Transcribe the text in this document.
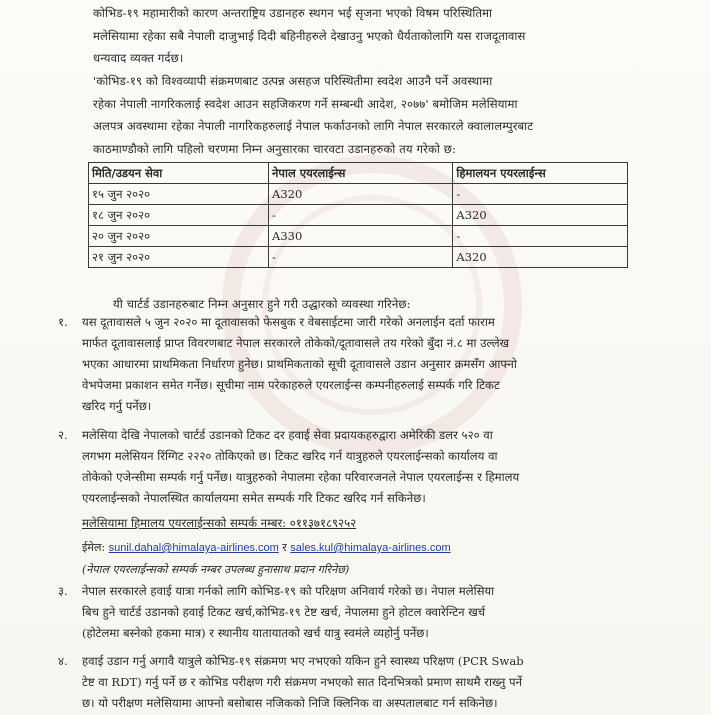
कोभिड-१९ महामारीको कारण अन्तराष्ट्रिय उडानहरु स्थगन भई सृजना भएको विषम परिस्थितिमा
मलेसियामा रहेका सबै नेपाली दाजुभाई दिदी बहिनीहरुले देखाउनु भएको धैर्यताकोलागि यस राजदूतावास
धन्यवाद व्यक्त गर्दछ।
'कोभिड-१९ को विश्वव्यापी संक्रमणबाट उत्पन्न असहज परिस्थितीमा स्वदेश आउनै पर्ने अवस्थामा
रहेका नेपाली नागरिकलाई स्वदेश आउन सहजिकरण गर्ने सम्बन्धी आदेश, २०७७' बमोजिम मलेसियामा
अलपत्र अवस्थामा रहेका नेपाली नागरिकहरुलाई नेपाल फर्काउनको लागि नेपाल सरकारले क्वालालम्पुरबाट
काठमाण्डौको लागि पहिलो चरणमा निम्न अनुसारका चारवटा उडानहरुको तय गरेको छ:
मिति/उडयन सेवा	नेपाल एयरलाईन्स	हिमालयन एयरलाईन्स
१५ जुन २०२०	A320	-
१८ जुन २०२०	-	A320
२० जुन २०२०	A330	-
२१ जुन २०२०	-	A320
यी चार्टर्ड उडानहरुबाट निम्न अनुसार हुने गरी उद्धारको व्यवस्था गरिनेछ:
१. यस दूतावासले ५ जुन २०२० मा दूतावासको फेसबुक र वेबसाईटमा जारी गरेको अनलाईन दर्ता फाराम
मार्फत दूतावासलाई प्राप्त विवरणबाट नेपाल सरकारले तोकेको/दूतावासले तय गरेको बुँदा नं.८ मा उल्लेख
भएका आधारमा प्राथमिकता निर्धारण हुनेछ। प्राथमिकताको सूची दूतावासले उडान अनुसार क्रमसँग आफ्नो
वेभपेजमा प्रकाशन समेत गर्नेछ। सूचीमा नाम परेकाहरुले एयरलाईन्स कम्पनीहरुलाई सम्पर्क गरि टिकट
खरिद गर्नु पर्नेछ।
२. मलेसिया देखि नेपालको चार्टर्ड उडानको टिकट दर हवाई सेवा प्रदायकहरुद्वारा अमेरिकी डलर ५२० वा
लगभग मलेसियन रिंग्गिट २२२० तोकिएको छ। टिकट खरिद गर्न यात्रुहरुले एयरलाईन्सको कार्यालय वा
तोकेको एजेन्सीमा सम्पर्क गर्नु पर्नेछ। यात्रुहरुको नेपालमा रहेका परिवारजनले नेपाल एयरलाईन्स र हिमालय
एयरलाईन्सको नेपालस्थित कार्यालयमा समेत सम्पर्क गरि टिकट खरिद गर्न सकिनेछ।
मलेसियामा हिमालय एयरलाईन्सको सम्पर्क नम्बर: ०११३७१८९२५२
ईमेल: sunil.dahal@himalaya-airlines.com र sales.kul@himalaya-airlines.com
(नेपाल एयरलाईन्सको सम्पर्क नम्बर उपलब्ध हुनासाथ प्रदान गरिनेछ)
३. नेपाल सरकारले हवाई यात्रा गर्नको लागि कोभिड-१९ को परिक्षण अनिवार्य गरेको छ। नेपाल मलेसिया
बिच हुने चार्टर्ड उडानको हवाई टिकट खर्च,कोभिड-१९ टेष्ट खर्च, नेपालमा हुने होटल क्वारेन्टिन खर्च
(होटेलमा बस्नेको हकमा मात्र) र स्थानीय यातायातको खर्च यात्रु स्वमंले व्यहोर्नु पर्नेछ।
४. हवाई उडान गर्नु अगावै यात्रुले कोभिड-१९ संक्रमण भए नभएको यकिन हुने स्वास्थ्य परिक्षण (PCR Swab
टेष्ट वा RDT) गर्नु पर्ने छ र कोभिड परीक्षण गरी संक्रमण नभएको सात दिनभित्रको प्रमाण साथमै राख्नु पर्ने
छ। यो परीक्षण मलेसियामा आफ्नो बसोबास नजिकको निजि क्लिनिक वा अस्पतालबाट गर्न सकिनेछ।
